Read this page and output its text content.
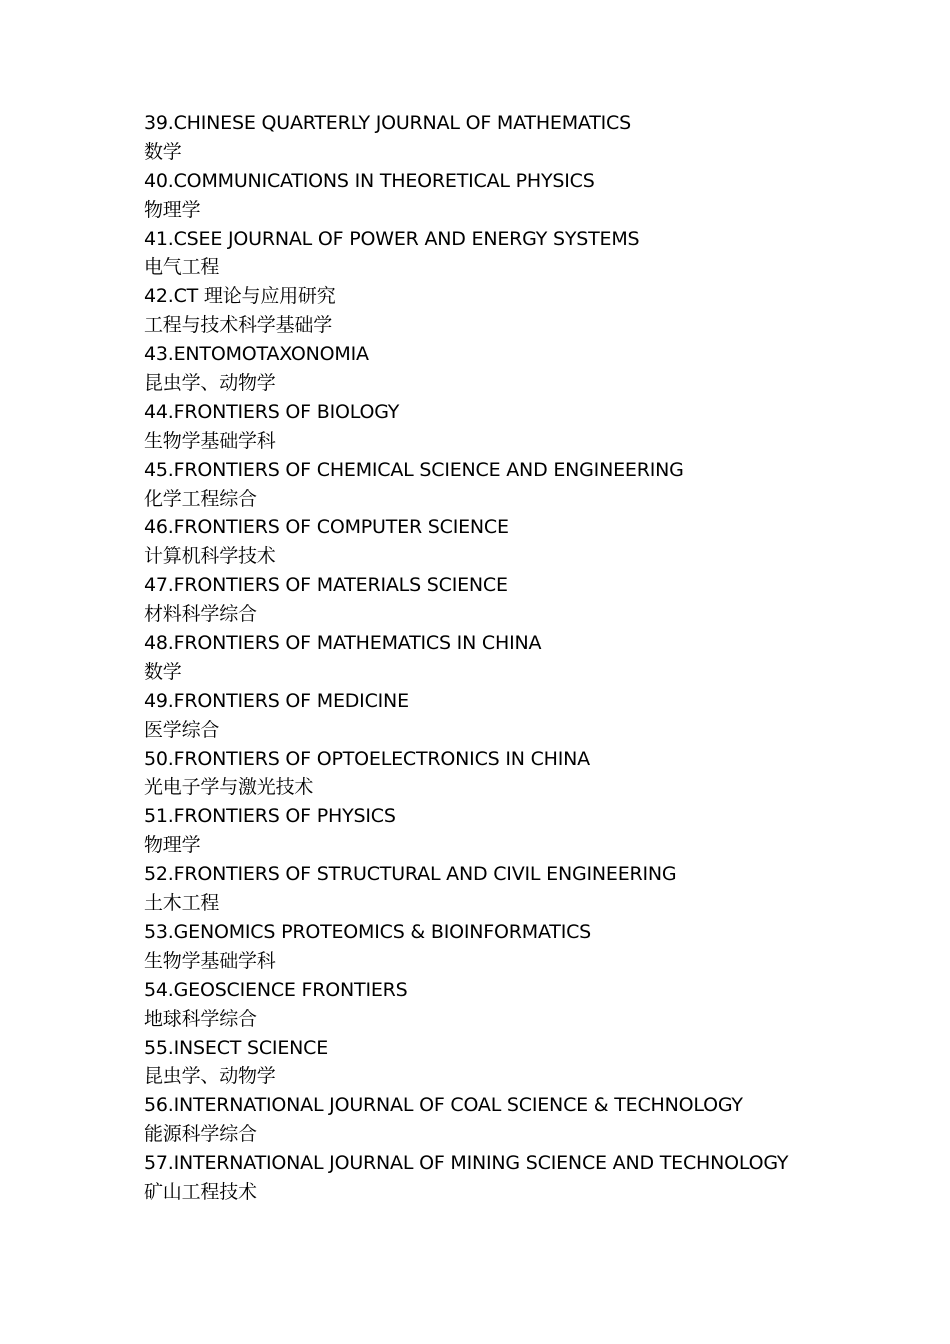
39.CHINESE QUARTERLY JOURNAL OF MATHEMATICS
数学
40.COMMUNICATIONS IN THEORETICAL PHYSICS
物理学
41.CSEE JOURNAL OF POWER AND ENERGY SYSTEMS
电气工程
42.CT 理论与应用研究
工程与技术科学基础学
43.ENTOMOTAXONOMIA
昆虫学、动物学
44.FRONTIERS OF BIOLOGY
生物学基础学科
45.FRONTIERS OF CHEMICAL SCIENCE AND ENGINEERING
化学工程综合
46.FRONTIERS OF COMPUTER SCIENCE
计算机科学技术
47.FRONTIERS OF MATERIALS SCIENCE
材料科学综合
48.FRONTIERS OF MATHEMATICS IN CHINA
数学
49.FRONTIERS OF MEDICINE
医学综合
50.FRONTIERS OF OPTOELECTRONICS IN CHINA
光电子学与激光技术
51.FRONTIERS OF PHYSICS
物理学
52.FRONTIERS OF STRUCTURAL AND CIVIL ENGINEERING
土木工程
53.GENOMICS PROTEOMICS & BIOINFORMATICS
生物学基础学科
54.GEOSCIENCE FRONTIERS
地球科学综合
55.INSECT SCIENCE
昆虫学、动物学
56.INTERNATIONAL JOURNAL OF COAL SCIENCE & TECHNOLOGY
能源科学综合
57.INTERNATIONAL JOURNAL OF MINING SCIENCE AND TECHNOLOGY
矿山工程技术
